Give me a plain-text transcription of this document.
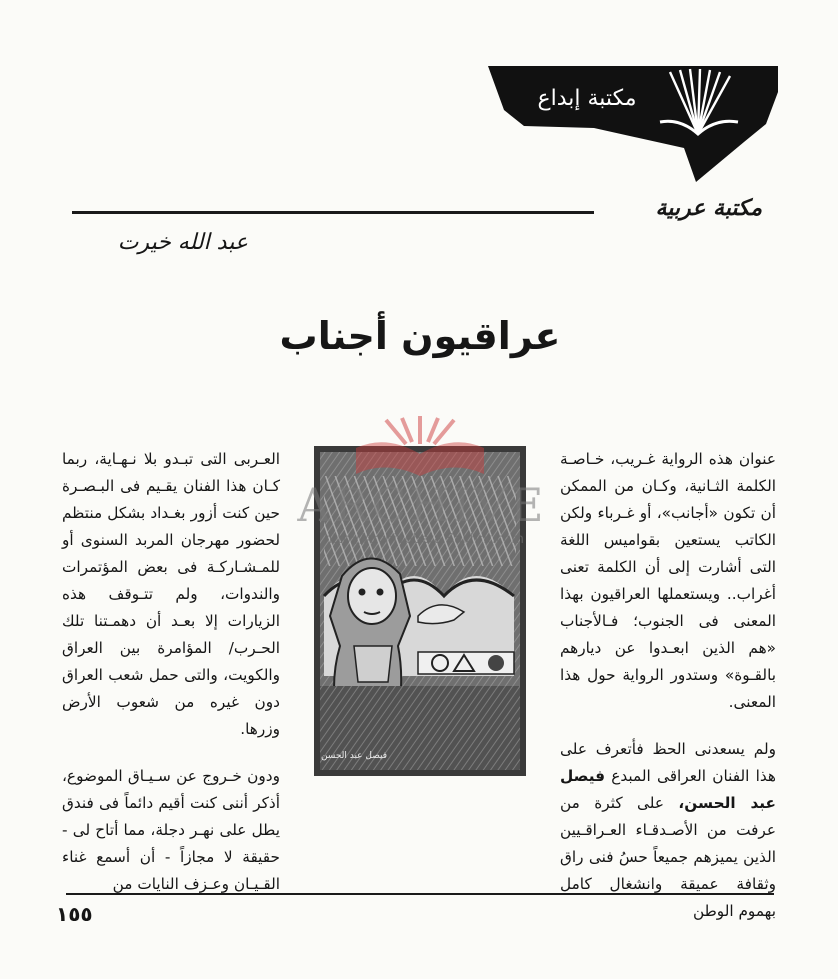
مكتبة إبداع
مكتبة عربية
عبد الله خيرت
عراقيون أجناب

عنوان هذه الرواية غـريب، خـاصـة الكلمة الثـانية، وكـان من الممكن أن تكون «أجانب»، أو غـرباء ولكن الكاتب يستعين بقواميس اللغة التى أشارت إلى أن الكلمة تعنى أغراب.. ويستعملها العراقيون بهذا المعنى فى الجنوب؛ فـالأجناب «هم الذين ابعـدوا عن ديارهم بالقـوة» وستدور الرواية حول هذا المعنى.

ولم يسعدنى الحظ فأتعرف على هذا الفنان العراقى المبدع فيصل عبد الحسن، على كثرة من عرفت من الأصـدقـاء العـراقـيين الذين يميزهم جميعاً حسُ فنى راق وثقافة عميقة وانشغال كامل بهموم الوطن

فيصل عبد الحسن

العـربى التى تبـدو بلا نـهـاية، ربما كـان هذا الفنان يقـيم فى البـصـرة حين كنت أزور بغـداد بشكل منتظم لحضور مهرجان المربد السنوى أو للمـشـاركـة فى بعض المؤتمرات والندوات، ولم تتـوقف هذه الزيارات إلا بعـد أن دهمـتنا تلك الحـرب/ المؤامرة بين العراق والكويت، والتى حمل شعب العراق دون غيره من شعوب الأرض وزرها.

ودون خـروج عن سـيـاق الموضوع، أذكر أننى كنت أقيم دائماً فى فندق يطل على نهـر دجلة، مما أتاح لى - حقيقة لا مجازاً - أن أسمع غناء القـيـان وعـزف النايات من

ARCHIVE
http://Archivebeta.Sakhrit.com
١٥٥
